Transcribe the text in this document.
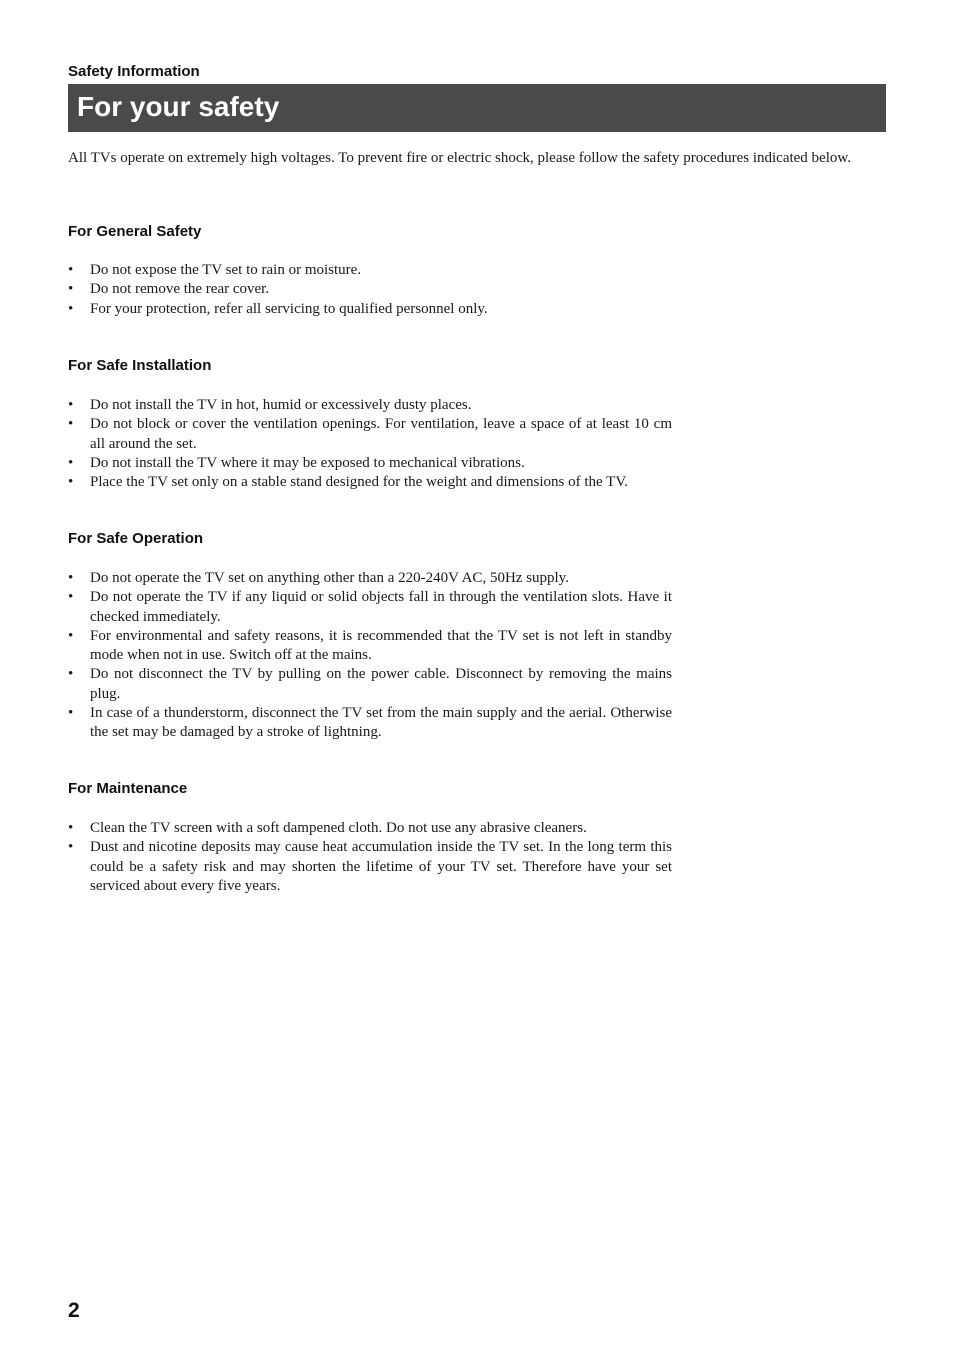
Safety Information
For your safety

All TVs operate on extremely high voltages. To prevent fire or electric shock, please follow the safety procedures indicated below.

For General Safety
• Do not expose the TV set to rain or moisture.
• Do not remove the rear cover.
• For your protection, refer all servicing to qualified personnel only.
For Safe Installation
• Do not install the TV in hot, humid or excessively dusty places.
• Do not block or cover the ventilation openings. For ventilation, leave a space of at least 10 cm all around the set.
• Do not install the TV where it may be exposed to mechanical vibrations.
• Place the TV set only on a stable stand designed for the weight and dimensions of the TV.
For Safe Operation
• Do not operate the TV set on anything other than a 220-240V AC, 50Hz supply.
• Do not operate the TV if any liquid or solid objects fall in through the ventilation slots. Have it checked immediately.
• For environmental and safety reasons, it is recommended that the TV set is not left in standby mode when not in use. Switch off at the mains.
• Do not disconnect the TV by pulling on the power cable. Disconnect by removing the mains plug.
• In case of a thunderstorm, disconnect the TV set from the main supply and the aerial. Otherwise the set may be damaged by a stroke of lightning.
For Maintenance
• Clean the TV screen with a soft dampened cloth. Do not use any abrasive cleaners.
• Dust and nicotine deposits may cause heat accumulation inside the TV set. In the long term this could be a safety risk and may shorten the lifetime of your TV set. Therefore have your set serviced about every five years.
2
